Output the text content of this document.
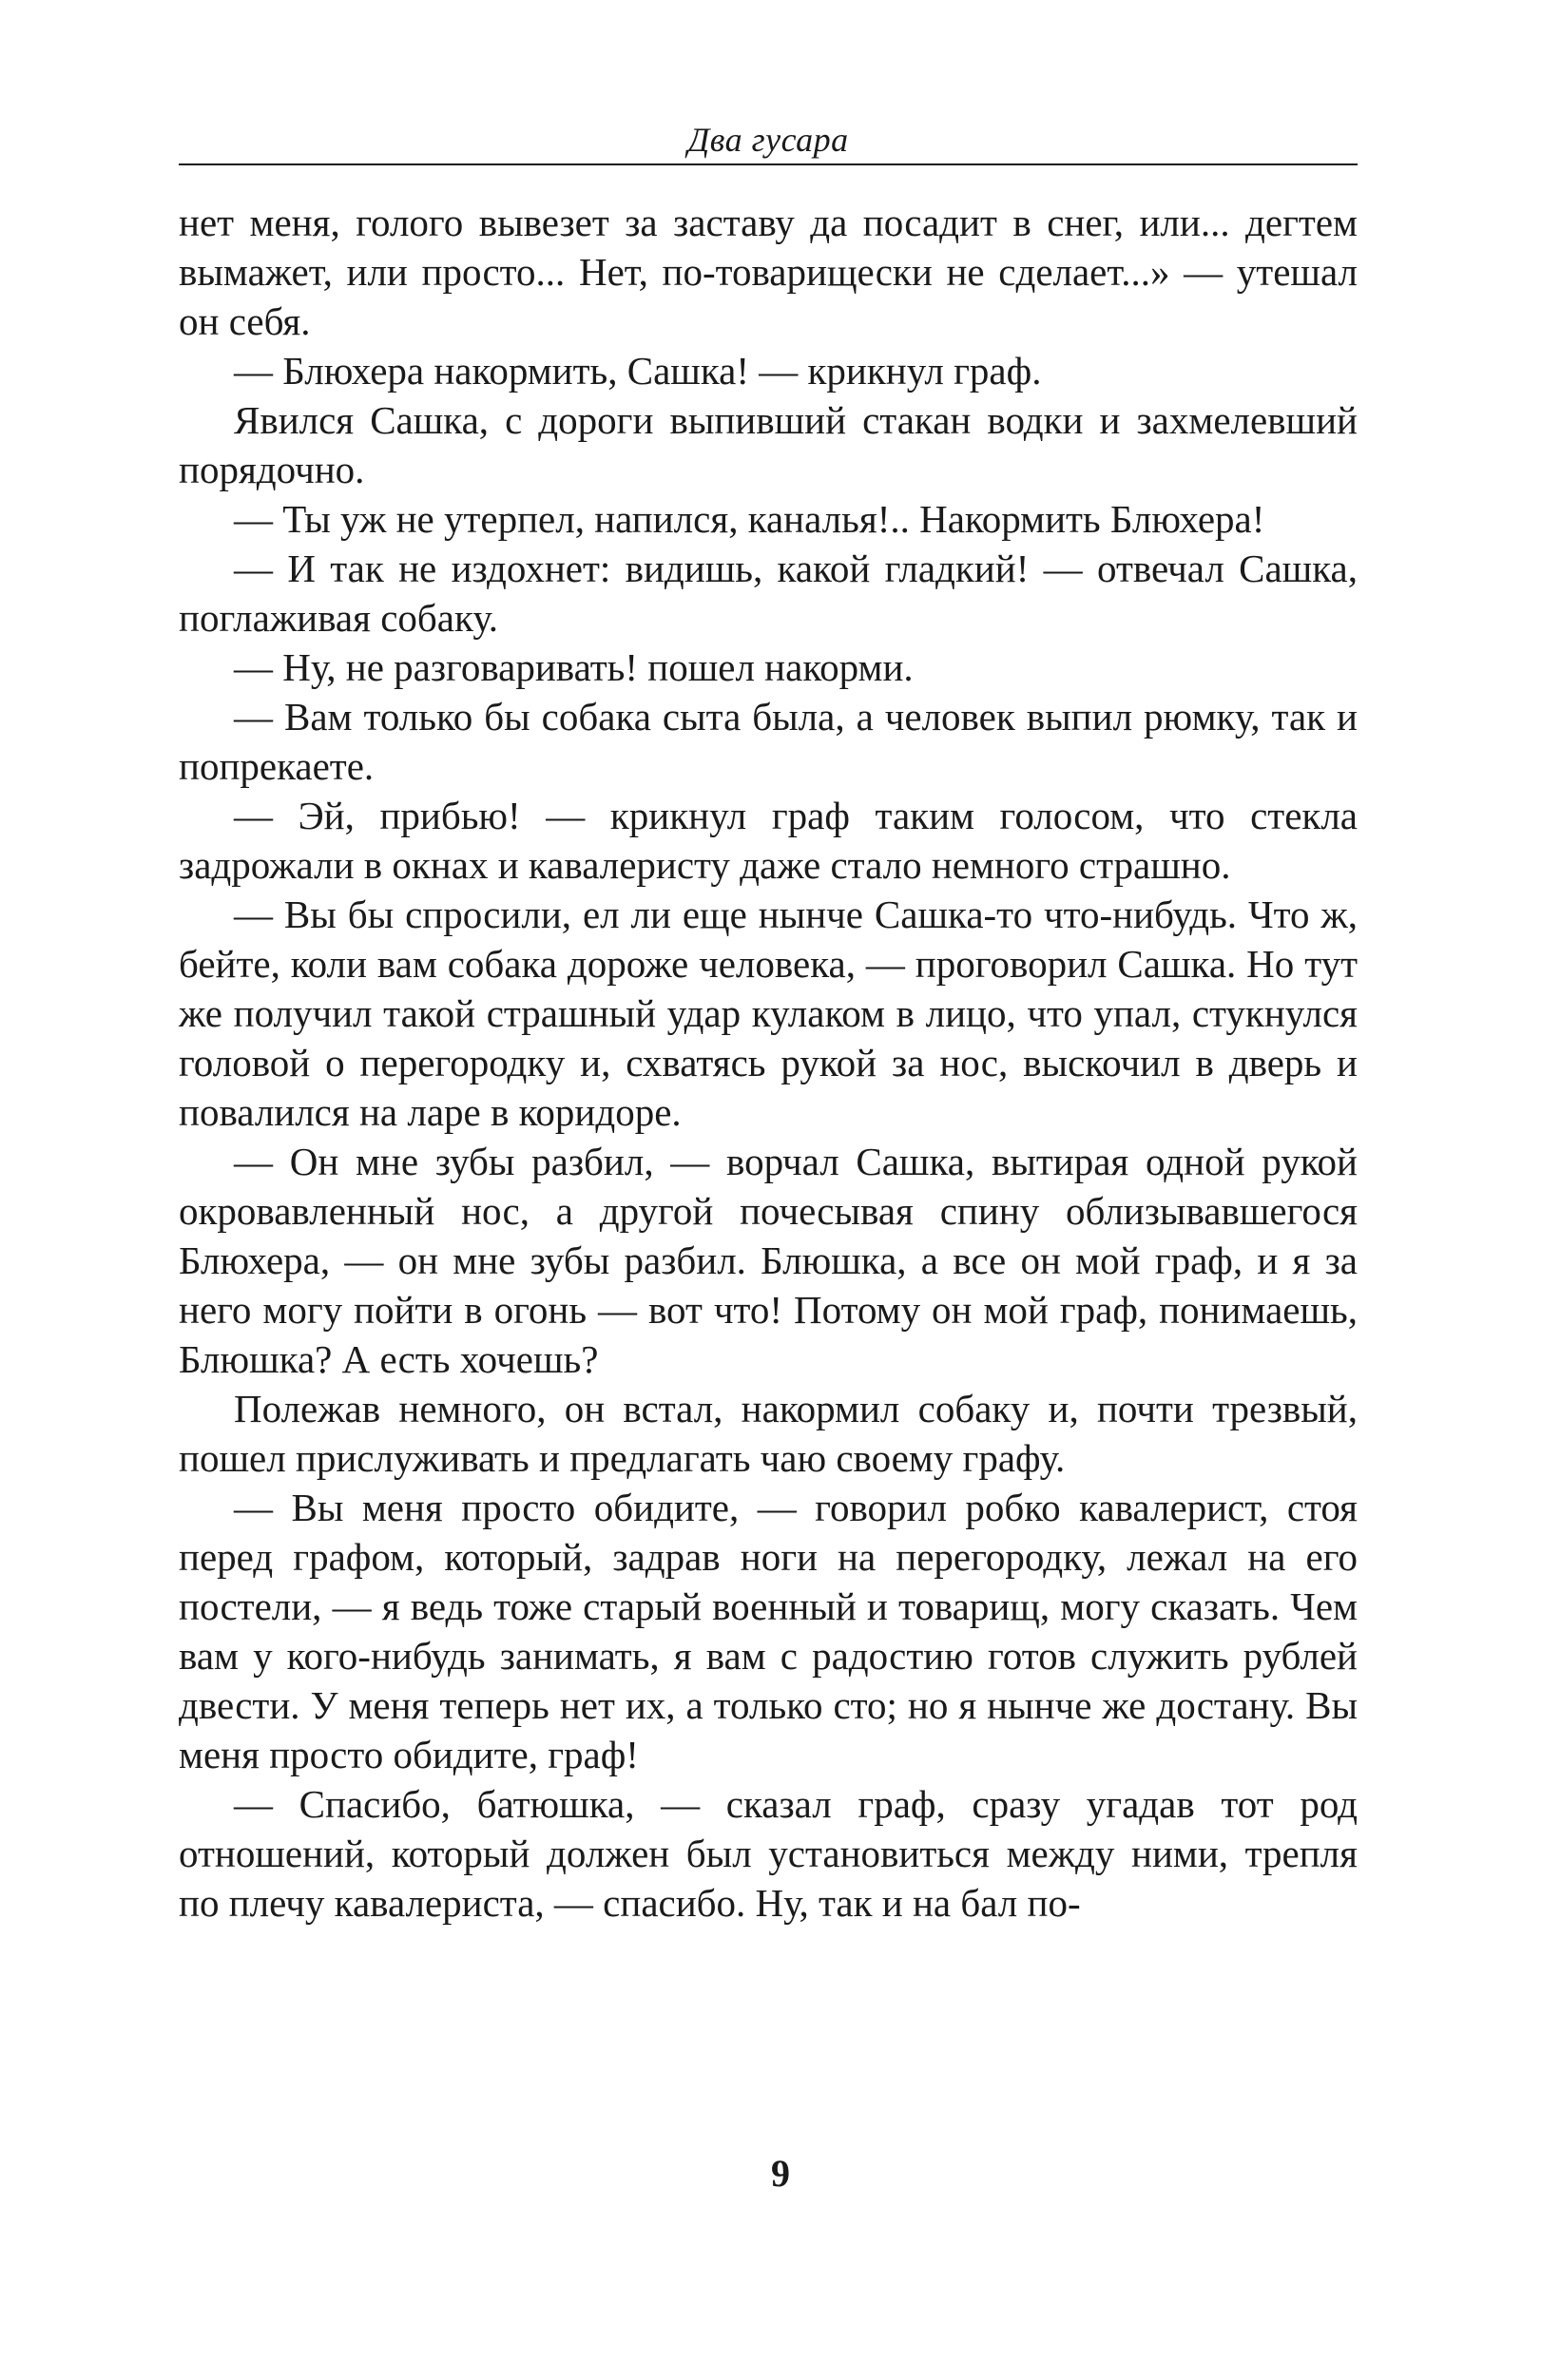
Два гусара

нет меня, голого вывезет за заставу да посадит в снег, или... дегтем вымажет, или просто... Нет, по-товарищески не сделает...» — утешал он себя.

— Блюхера накормить, Сашка! — крикнул граф.

Явился Сашка, с дороги выпивший стакан водки и захмелевший порядочно.

— Ты уж не утерпел, напился, каналья!.. Накормить Блюхера!

— И так не издохнет: видишь, какой гладкий! — отвечал Сашка, поглаживая собаку.

— Ну, не разговаривать! пошел накорми.

— Вам только бы собака сыта была, а человек выпил рюмку, так и попрекаете.

— Эй, прибью! — крикнул граф таким голосом, что стекла задрожали в окнах и кавалеристу даже стало немного страшно.

— Вы бы спросили, ел ли еще нынче Сашка-то что-нибудь. Что ж, бейте, коли вам собака дороже человека, — проговорил Сашка. Но тут же получил такой страшный удар кулаком в лицо, что упал, стукнулся головой о перегородку и, схватясь рукой за нос, выскочил в дверь и повалился на ларе в коридоре.

— Он мне зубы разбил, — ворчал Сашка, вытирая одной рукой окровавленный нос, а другой почесывая спину облизывавшегося Блюхера, — он мне зубы разбил. Блюшка, а все он мой граф, и я за него могу пойти в огонь — вот что! Потому он мой граф, понимаешь, Блюшка? А есть хочешь?

Полежав немного, он встал, накормил собаку и, почти трезвый, пошел прислуживать и предлагать чаю своему графу.

— Вы меня просто обидите, — говорил робко кавалерист, стоя перед графом, который, задрав ноги на перегородку, лежал на его постели, — я ведь тоже старый военный и товарищ, могу сказать. Чем вам у кого-нибудь занимать, я вам с радостию готов служить рублей двести. У меня теперь нет их, а только сто; но я нынче же достану. Вы меня просто обидите, граф!

— Спасибо, батюшка, — сказал граф, сразу угадав тот род отношений, который должен был установиться между ними, трепля по плечу кавалериста, — спасибо. Ну, так и на бал по-

9
